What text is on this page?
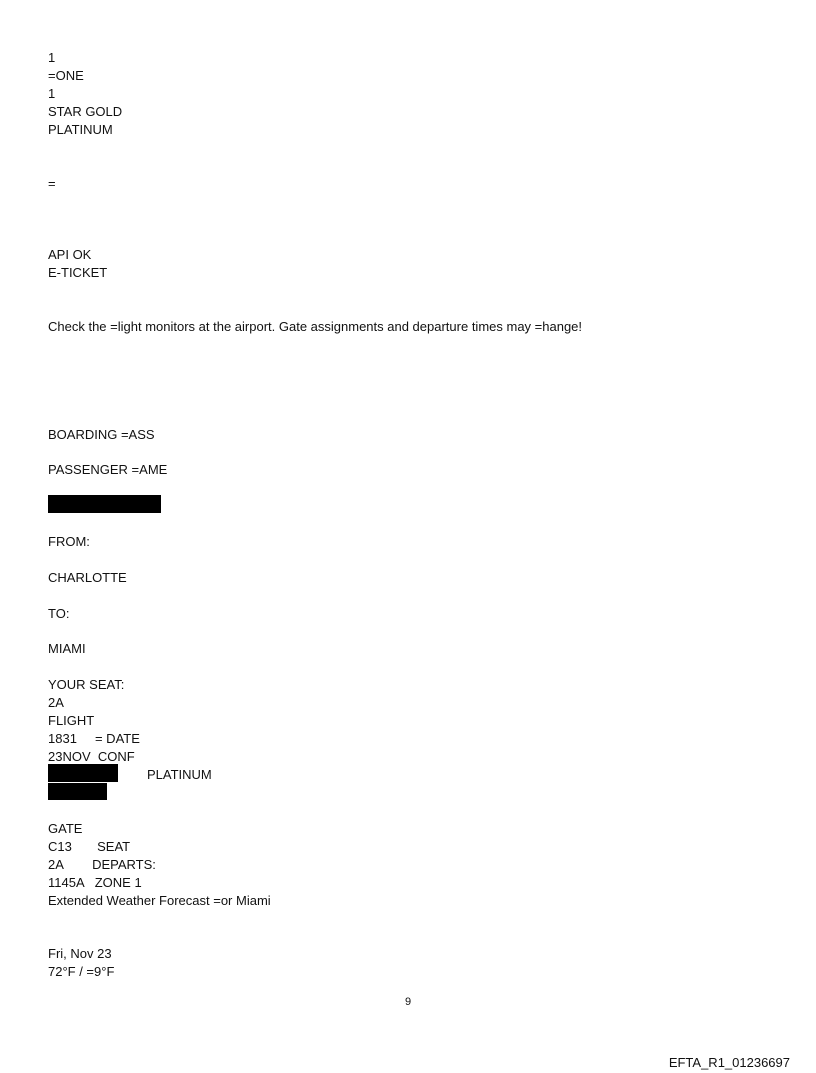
1
=ONE
1
STAR GOLD
PLATINUM
=
API OK
E-TICKET
Check the =light monitors at the airport. Gate assignments and departure times may =hange!
BOARDING =ASS
PASSENGER =AME
FROM:
CHARLOTTE
TO:
MIAMI
YOUR SEAT:
2A
FLIGHT
1831     = DATE
23NOV  CONF
PLATINUM
GATE
C13       SEAT
2A        DEPARTS:
1145A   ZONE 1
Extended Weather Forecast =or Miami
Fri, Nov 23
72°F / =9°F
9
EFTA_R1_01236697
